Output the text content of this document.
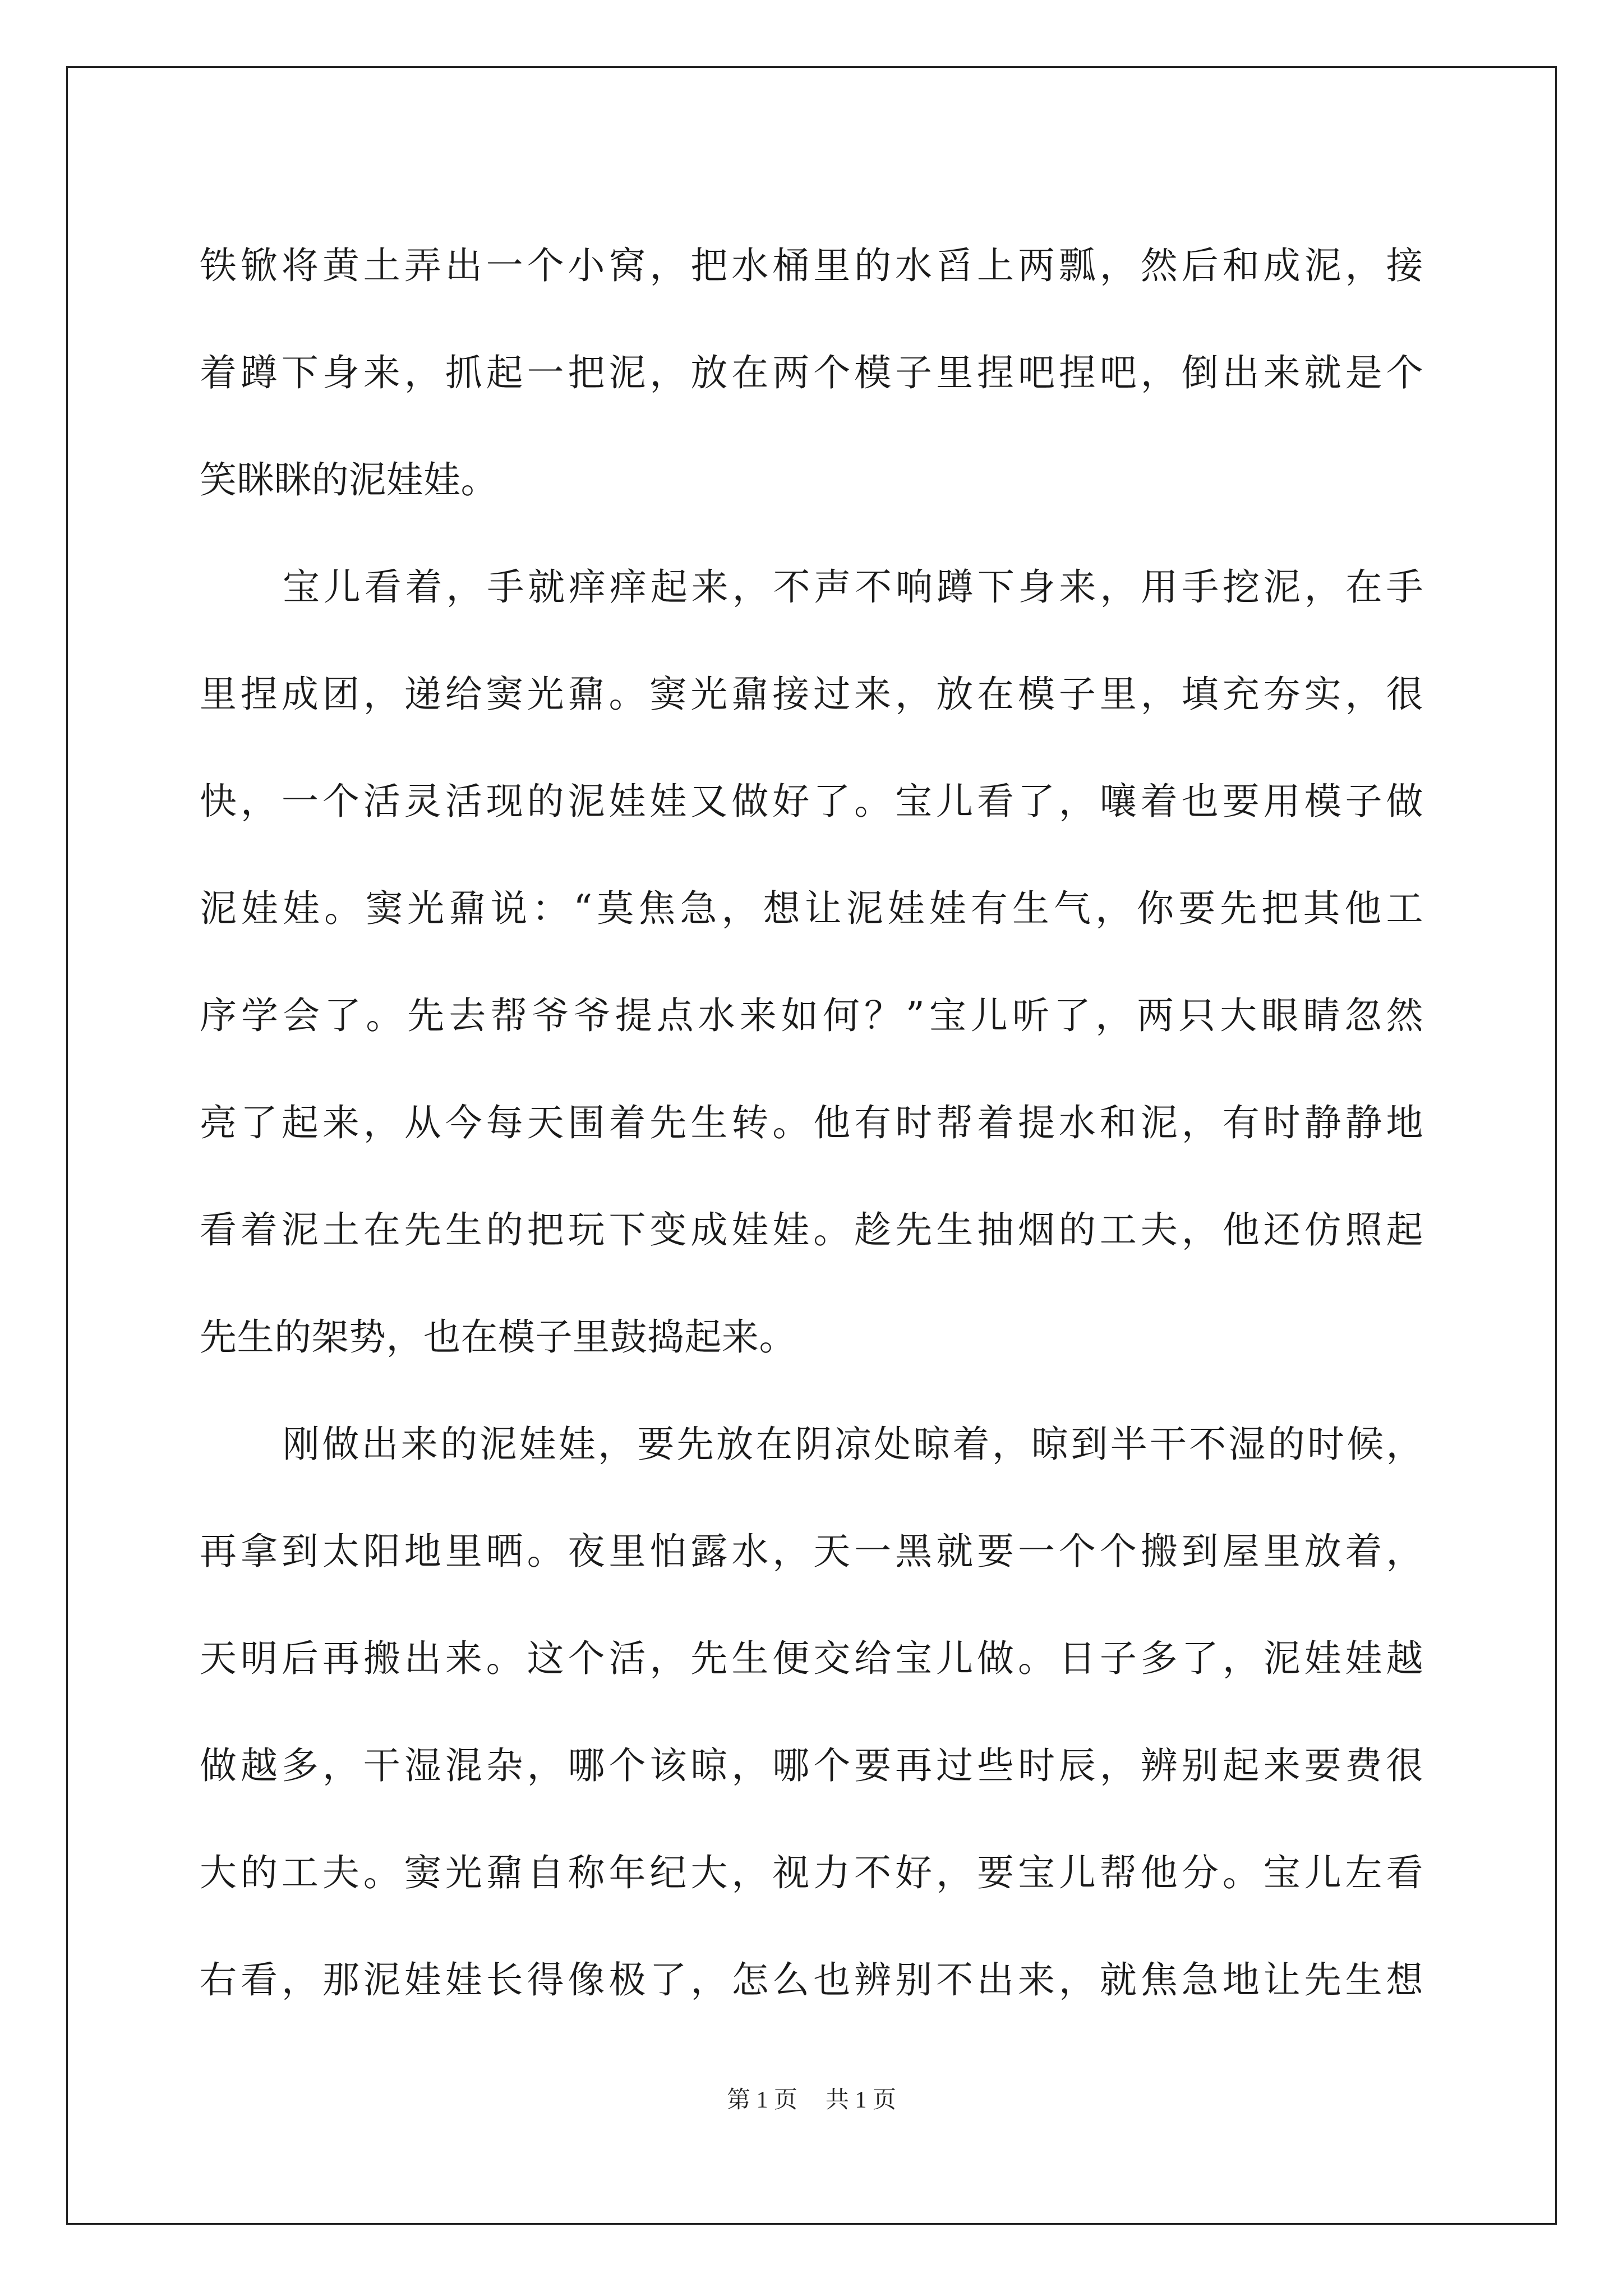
铁锨将黄土弄出一个小窝，把水桶里的水舀上两瓢，然后和成泥，接

着蹲下身来，抓起一把泥，放在两个模子里捏吧捏吧，倒出来就是个

笑眯眯的泥娃娃。

宝儿看着，手就痒痒起来，不声不响蹲下身来，用手挖泥，在手

里捏成团，递给窦光鼐。窦光鼐接过来，放在模子里，填充夯实，很

快，一个活灵活现的泥娃娃又做好了。宝儿看了，嚷着也要用模子做

泥娃娃。窦光鼐说：“莫焦急，想让泥娃娃有生气，你要先把其他工

序学会了。先去帮爷爷提点水来如何？”宝儿听了，两只大眼睛忽然

亮了起来，从今每天围着先生转。他有时帮着提水和泥，有时静静地

看着泥土在先生的把玩下变成娃娃。趁先生抽烟的工夫，他还仿照起

先生的架势，也在模子里鼓捣起来。

刚做出来的泥娃娃，要先放在阴凉处晾着，晾到半干不湿的时候，

再拿到太阳地里晒。夜里怕露水，天一黑就要一个个搬到屋里放着，

天明后再搬出来。这个活，先生便交给宝儿做。日子多了，泥娃娃越

做越多，干湿混杂，哪个该晾，哪个要再过些时辰，辨别起来要费很

大的工夫。窦光鼐自称年纪大，视力不好，要宝儿帮他分。宝儿左看

右看，那泥娃娃长得像极了，怎么也辨别不出来，就焦急地让先生想

第 1 页 共 1 页
